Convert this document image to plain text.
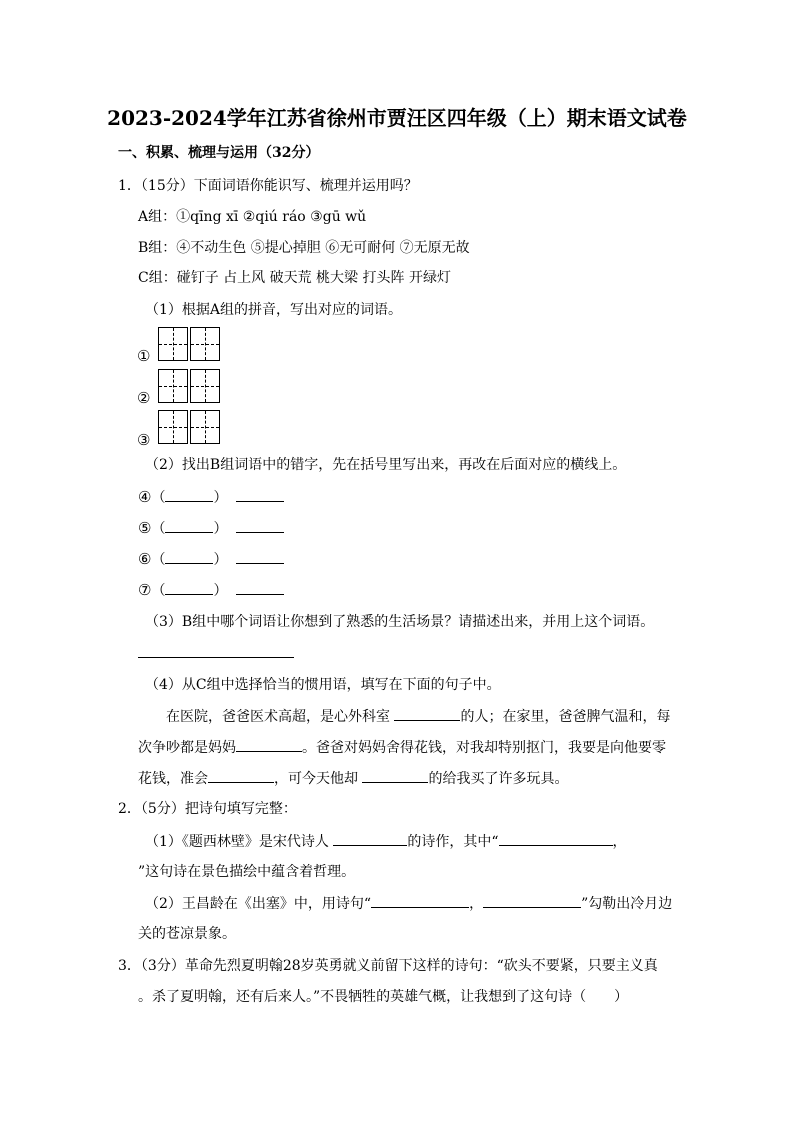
2023-2024学年江苏省徐州市贾汪区四年级（上）期末语文试卷
一、积累、梳理与运用（32分）
1．（15分）下面词语你能识写、梳理并运用吗？
A组：①qīng xī ②qiú ráo ③gū wǔ
B组：④不动生色 ⑤提心掉胆 ⑥无可耐何 ⑦无原无故
C组：碰钉子 占上风 破天荒 桃大梁 打头阵 开绿灯
（1）根据A组的拼音，写出对应的词语。
①
②
③
（2）找出B组词语中的错字，先在括号里写出来，再改在后面对应的横线上。
④（	）
⑤（	）
⑥（	）
⑦（	）
（3）B组中哪个词语让你想到了熟悉的生活场景？请描述出来，并用上这个词语。
（4）从C组中选择恰当的惯用语，填写在下面的句子中。
在医院，爸爸医术高超，是心外科室	的人；在家里，爸爸脾气温和，每
次争吵都是妈妈	。爸爸对妈妈舍得花钱，对我却特别抠门，我要是向他要零
花钱，准会	，可今天他却	的给我买了许多玩具。
2．（5分）把诗句填写完整：
（1）《题西林壁》是宋代诗人	的诗作，其中“	，
”这句诗在景色描绘中蕴含着哲理。
（2）王昌龄在《出塞》中，用诗句“	，	”勾勒出冷月边
关的苍凉景象。
3．（3分）革命先烈夏明翰28岁英勇就义前留下这样的诗句：“砍头不要紧，只要主义真
。杀了夏明翰，还有后来人。”不畏牺牲的英雄气概，让我想到了这句诗（　　）
